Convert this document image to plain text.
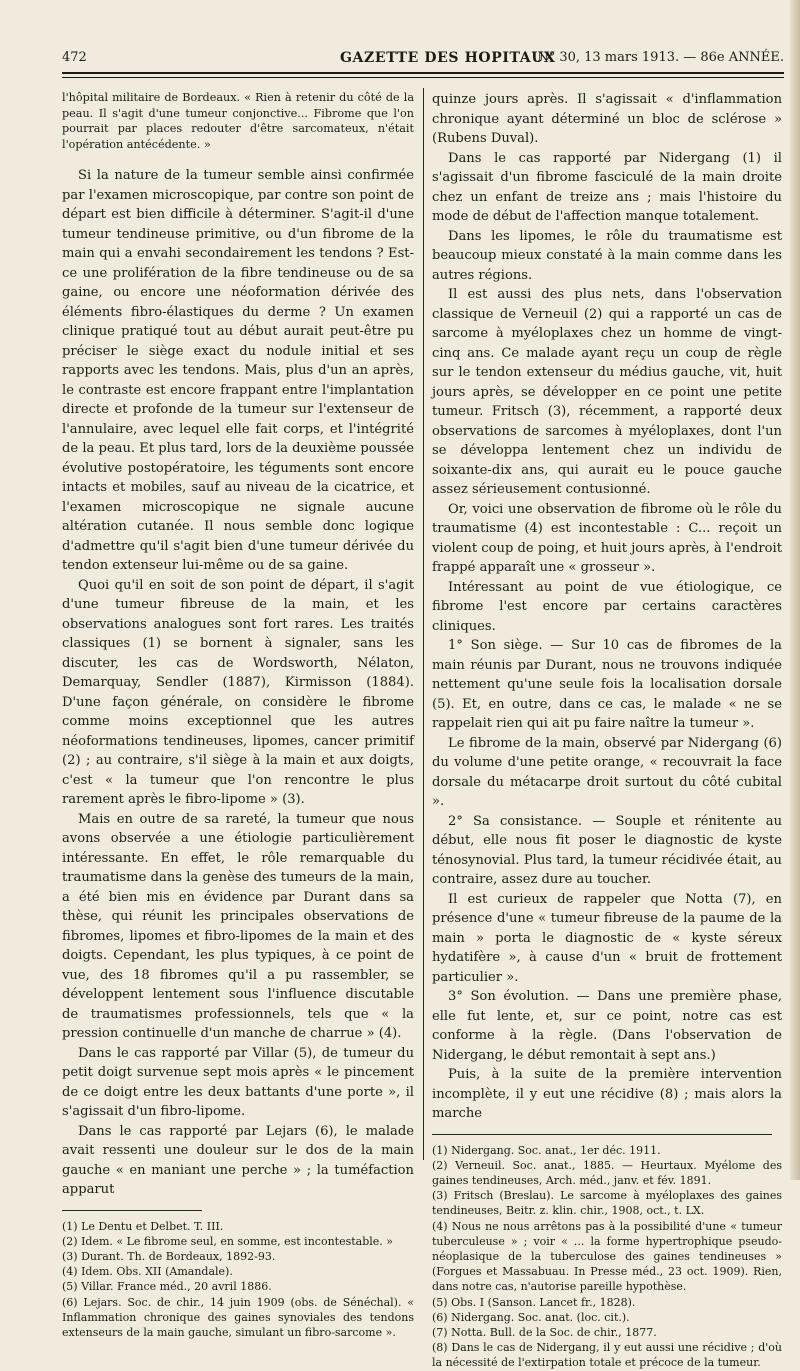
472	GAZETTE DES HOPITAUX
N° 30, 13 mars 1913. — 86e ANNÉE.

l'hôpital militaire de Bordeaux. « Rien à retenir du côté de la peau. Il s'agit d'une tumeur conjonctive... Fibrome que l'on pourrait par places redouter d'être sarcomateux, n'était l'opération antécédente. »

Si la nature de la tumeur semble ainsi confirmée par l'examen microscopique, par contre son point de départ est bien difficile à déterminer. S'agit-il d'une tumeur tendineuse primitive, ou d'un fibrome de la main qui a envahi secondairement les tendons ? Est-ce une prolifération de la fibre tendineuse ou de sa gaine, ou encore une néoformation dérivée des éléments fibro-élastiques du derme ? Un examen clinique pratiqué tout au début aurait peut-être pu préciser le siège exact du nodule initial et ses rapports avec les tendons. Mais, plus d'un an après, le contraste est encore frappant entre l'implantation directe et profonde de la tumeur sur l'extenseur de l'annulaire, avec lequel elle fait corps, et l'intégrité de la peau. Et plus tard, lors de la deuxième poussée évolutive postopératoire, les téguments sont encore intacts et mobiles, sauf au niveau de la cicatrice, et l'examen microscopique ne signale aucune altération cutanée. Il nous semble donc logique d'admettre qu'il s'agit bien d'une tumeur dérivée du tendon extenseur lui-même ou de sa gaine.

Quoi qu'il en soit de son point de départ, il s'agit d'une tumeur fibreuse de la main, et les observations analogues sont fort rares. Les traités classiques (1) se bornent à signaler, sans les discuter, les cas de Wordsworth, Nélaton, Demarquay, Sendler (1887), Kirmisson (1884). D'une façon générale, on considère le fibrome comme moins exceptionnel que les autres néoformations tendineuses, lipomes, cancer primitif (2) ; au contraire, s'il siège à la main et aux doigts, c'est « la tumeur que l'on rencontre le plus rarement après le fibro-lipome » (3).

Mais en outre de sa rareté, la tumeur que nous avons observée a une étiologie particulièrement intéressante. En effet, le rôle remarquable du traumatisme dans la genèse des tumeurs de la main, a été bien mis en évidence par Durant dans sa thèse, qui réunit les principales observations de fibromes, lipomes et fibro-lipomes de la main et des doigts. Cependant, les plus typiques, à ce point de vue, des 18 fibromes qu'il a pu rassembler, se développent lentement sous l'influence discutable de traumatismes professionnels, tels que « la pression continuelle d'un manche de charrue » (4).

Dans le cas rapporté par Villar (5), de tumeur du petit doigt survenue sept mois après « le pincement de ce doigt entre les deux battants d'une porte », il s'agissait d'un fibro-lipome.

Dans le cas rapporté par Lejars (6), le malade avait ressenti une douleur sur le dos de la main gauche « en maniant une perche » ; la tuméfaction apparut

(1) Le Dentu et Delbet. T. III.

(2) Idem. « Le fibrome seul, en somme, est incontestable. »

(3) Durant. Th. de Bordeaux, 1892-93.

(4) Idem. Obs. XII (Amandale).

(5) Villar. France méd., 20 avril 1886.

(6) Lejars. Soc. de chir., 14 juin 1909 (obs. de Sénéchal). « Inflammation chronique des gaines synoviales des tendons extenseurs de la main gauche, simulant un fibro-sarcome ».

quinze jours après. Il s'agissait « d'inflammation chronique ayant déterminé un bloc de sclérose » (Rubens Duval).

Dans le cas rapporté par Nidergang (1) il s'agissait d'un fibrome fasciculé de la main droite chez un enfant de treize ans ; mais l'histoire du mode de début de l'affection manque totalement.

Dans les lipomes, le rôle du traumatisme est beaucoup mieux constaté à la main comme dans les autres régions.

Il est aussi des plus nets, dans l'observation classique de Verneuil (2) qui a rapporté un cas de sarcome à myéloplaxes chez un homme de vingt-cinq ans. Ce malade ayant reçu un coup de règle sur le tendon extenseur du médius gauche, vit, huit jours après, se développer en ce point une petite tumeur. Fritsch (3), récemment, a rapporté deux observations de sarcomes à myéloplaxes, dont l'un se développa lentement chez un individu de soixante-dix ans, qui aurait eu le pouce gauche assez sérieusement contusionné.

Or, voici une observation de fibrome où le rôle du traumatisme (4) est incontestable : C... reçoit un violent coup de poing, et huit jours après, à l'endroit frappé apparaît une « grosseur ».

Intéressant au point de vue étiologique, ce fibrome l'est encore par certains caractères cliniques.

1° Son siège. — Sur 10 cas de fibromes de la main réunis par Durant, nous ne trouvons indiquée nettement qu'une seule fois la localisation dorsale (5). Et, en outre, dans ce cas, le malade « ne se rappelait rien qui ait pu faire naître la tumeur ».

Le fibrome de la main, observé par Nidergang (6) du volume d'une petite orange, « recouvrait la face dorsale du métacarpe droit surtout du côté cubital ».

2° Sa consistance. — Souple et rénitente au début, elle nous fit poser le diagnostic de kyste ténosynovial. Plus tard, la tumeur récidivée était, au contraire, assez dure au toucher.

Il est curieux de rappeler que Notta (7), en présence d'une « tumeur fibreuse de la paume de la main » porta le diagnostic de « kyste séreux hydatifère », à cause d'un « bruit de frottement particulier ».

3° Son évolution. — Dans une première phase, elle fut lente, et, sur ce point, notre cas est conforme à la règle. (Dans l'observation de Nidergang, le début remontait à sept ans.)

Puis, à la suite de la première intervention incomplète, il y eut une récidive (8) ; mais alors la marche

(1) Nidergang. Soc. anat., 1er déc. 1911.

(2) Verneuil. Soc. anat., 1885. — Heurtaux. Myélome des gaines tendineuses, Arch. méd., janv. et fév. 1891.

(3) Fritsch (Breslau). Le sarcome à myéloplaxes des gaines tendineuses, Beitr. z. klin. chir., 1908, oct., t. LX.

(4) Nous ne nous arrêtons pas à la possibilité d'une « tumeur tuberculeuse » ; voir « ... la forme hypertrophique pseudo-néoplasique de la tuberculose des gaines tendineuses » (Forgues et Massabuau. In Presse méd., 23 oct. 1909). Rien, dans notre cas, n'autorise pareille hypothèse.

(5) Obs. I (Sanson. Lancet fr., 1828).

(6) Nidergang. Soc. anat. (loc. cit.).

(7) Notta. Bull. de la Soc. de chir., 1877.

(8) Dans le cas de Nidergang, il y eut aussi une récidive ; d'où la nécessité de l'extirpation totale et précoce de la tumeur.
